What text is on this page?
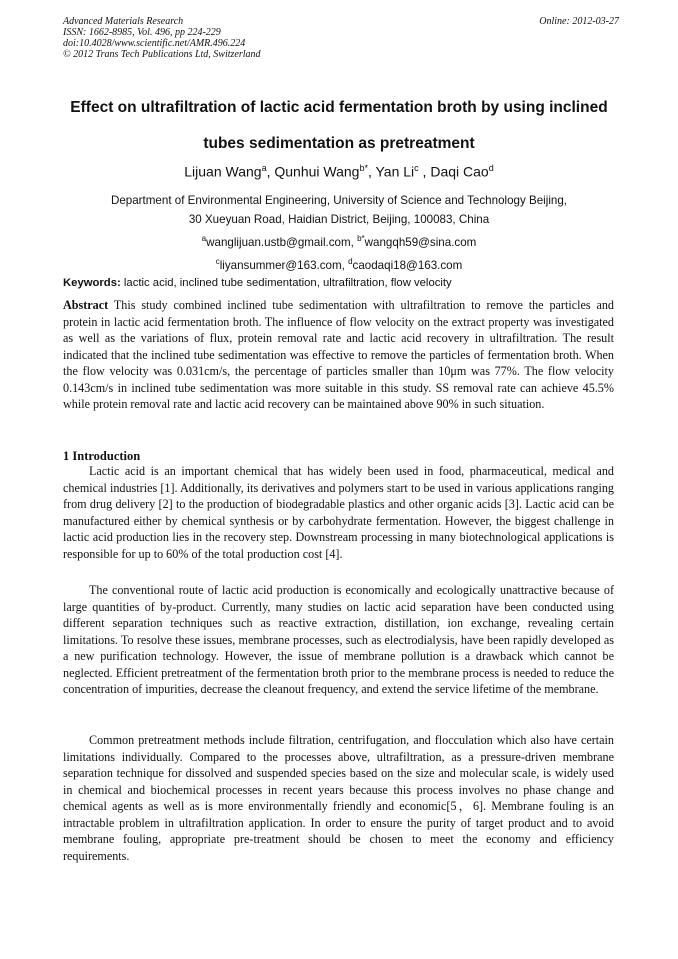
Advanced Materials Research
ISSN: 1662-8985, Vol. 496, pp 224-229
doi:10.4028/www.scientific.net/AMR.496.224
© 2012 Trans Tech Publications Ltd, Switzerland
Online: 2012-03-27
Effect on ultrafiltration of lactic acid fermentation broth by using inclined
tubes sedimentation as pretreatment
Lijuan Wang$^a$, Qunhui Wang$^{b*}$, Yan Li$^c$ , Daqi Cao$^d$
Department of Environmental Engineering, University of Science and Technology Beijing,
30 Xueyuan Road, Haidian District, Beijing, 100083, China
$^a$wanglijuan.ustb@gmail.com, $^{b*}$wangqh59@sina.com
$^c$liyansummer@163.com, $^d$caodaqi18@163.com
Keywords: lactic acid, inclined tube sedimentation, ultrafiltration, flow velocity

Abstract This study combined inclined tube sedimentation with ultrafiltration to remove the particles and protein in lactic acid fermentation broth. The influence of flow velocity on the extract property was investigated as well as the variations of flux, protein removal rate and lactic acid recovery in ultrafiltration. The result indicated that the inclined tube sedimentation was effective to remove the particles of fermentation broth. When the flow velocity was 0.031cm/s, the percentage of particles smaller than 10μm was 77%. The flow velocity 0.143cm/s in inclined tube sedimentation was more suitable in this study. SS removal rate can achieve 45.5% while protein removal rate and lactic acid recovery can be maintained above 90% in such situation.

1 Introduction

Lactic acid is an important chemical that has widely been used in food, pharmaceutical, medical and chemical industries [1]. Additionally, its derivatives and polymers start to be used in various applications ranging from drug delivery [2] to the production of biodegradable plastics and other organic acids [3]. Lactic acid can be manufactured either by chemical synthesis or by carbohydrate fermentation. However, the biggest challenge in lactic acid production lies in the recovery step. Downstream processing in many biotechnological applications is responsible for up to 60% of the total production cost [4].

The conventional route of lactic acid production is economically and ecologically unattractive because of large quantities of by-product. Currently, many studies on lactic acid separation have been conducted using different separation techniques such as reactive extraction, distillation, ion exchange, revealing certain limitations. To resolve these issues, membrane processes, such as electrodialysis, have been rapidly developed as a new purification technology. However, the issue of membrane pollution is a drawback which cannot be neglected. Efficient pretreatment of the fermentation broth prior to the membrane process is needed to reduce the concentration of impurities, decrease the cleanout frequency, and extend the service lifetime of the membrane.

Common pretreatment methods include filtration, centrifugation, and flocculation which also have certain limitations individually. Compared to the processes above, ultrafiltration, as a pressure-driven membrane separation technique for dissolved and suspended species based on the size and molecular scale, is widely used in chemical and biochemical processes in recent years because this process involves no phase change and chemical agents as well as is more environmentally friendly and economic[5，6]. Membrane fouling is an intractable problem in ultrafiltration application. In order to ensure the purity of target product and to avoid membrane fouling, appropriate pre-treatment should be chosen to meet the economy and efficiency requirements.
